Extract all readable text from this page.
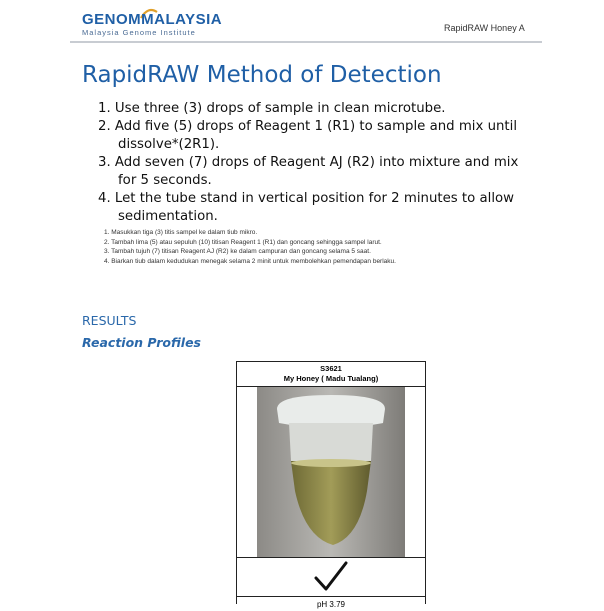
GENOMMALAYSIA
Malaysia Genome Institute	RapidRAW Honey A
RapidRAW Method of Detection
1. Use three (3) drops of sample in clean microtube.
2. Add five (5) drops of Reagent 1 (R1) to sample and mix until dissolve*(2R1).
3. Add seven (7) drops of Reagent AJ (R2) into mixture and mix for 5 seconds.
4. Let the tube stand in vertical position for 2 minutes to allow sedimentation.
1. Masukkan tiga (3) titis sampel ke dalam tiub mikro.
2. Tambah lima (5) atau sepuluh (10) titisan Reagent 1 (R1) dan goncang sehingga sampel larut.
3. Tambah tujuh (7) titisan Reagent AJ (R2) ke dalam campuran dan goncang selama 5 saat.
4. Biarkan tiub dalam kedudukan menegak selama 2 minit untuk membolehkan pemendapan berlaku.
RESULTS
Reaction Profiles
S3621
My Honey ( Madu Tualang)
pH 3.79
